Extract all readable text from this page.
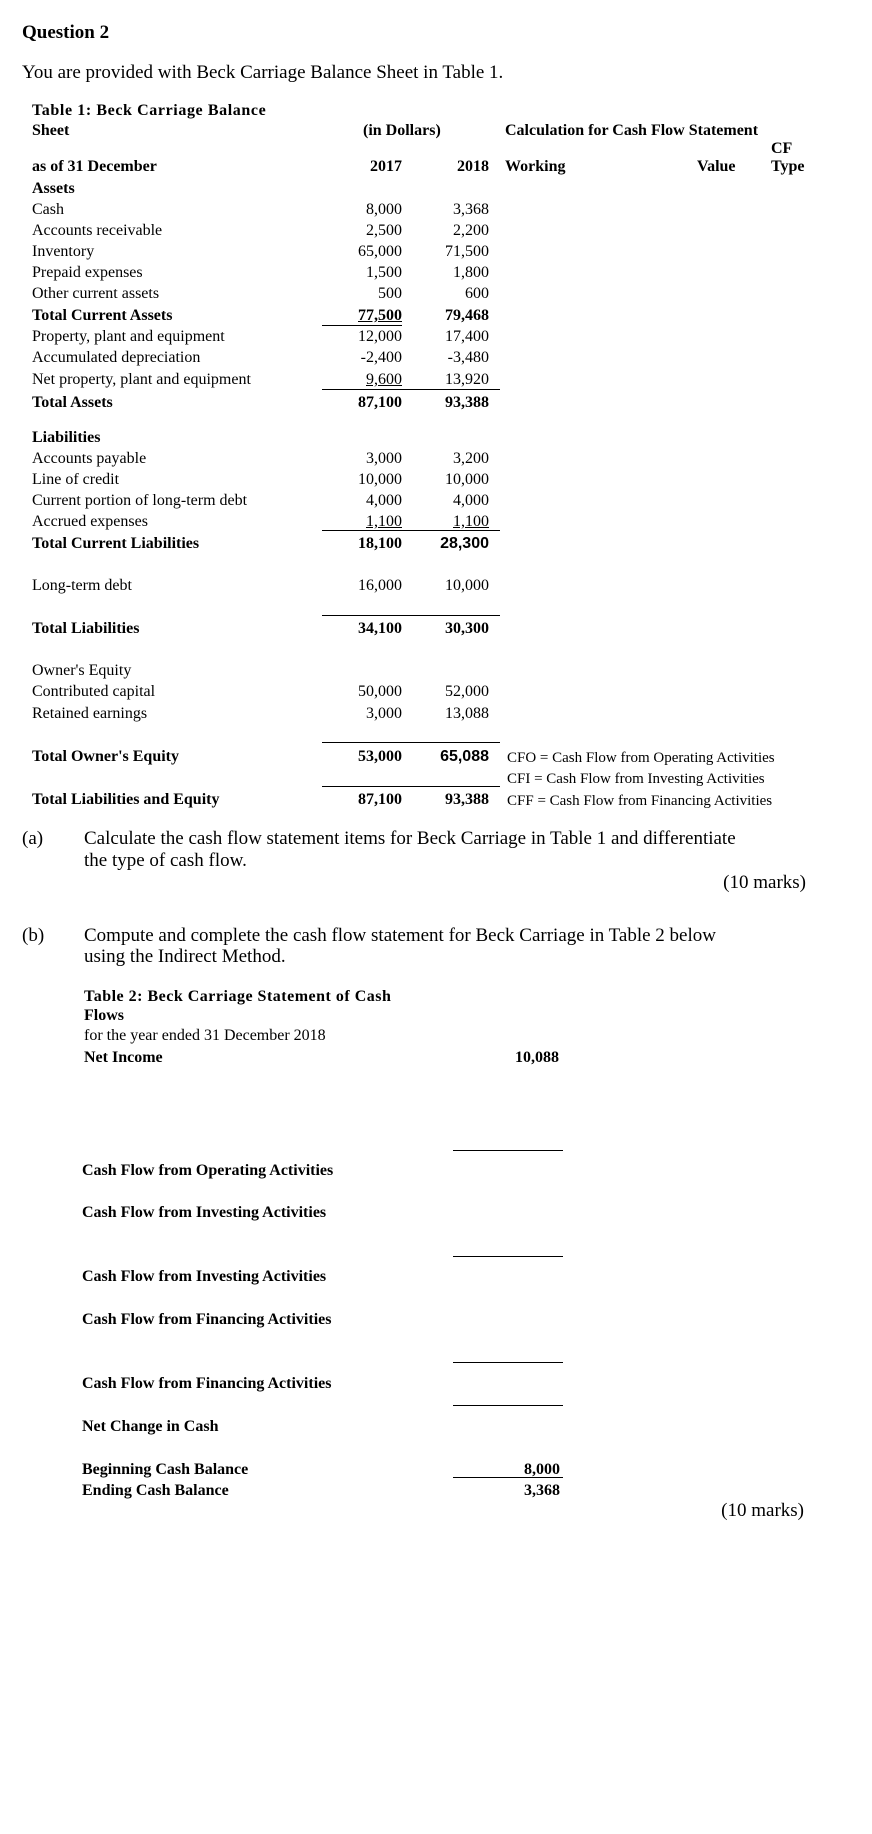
Question 2
You are provided with Beck Carriage Balance Sheet in Table 1.
Table 1: Beck Carriage Balance
Sheet	(in Dollars)	Calculation for Cash Flow Statement
CF
as of 31 December	2017	2018 Working	Value Type
Assets
Cash	8,000	3,368
Accounts receivable	2,500	2,200
Inventory	65,000	71,500
Prepaid expenses	1,500	1,800
Other current assets	500	600
Total Current Assets	77,500	79,468
Property, plant and equipment	12,000	17,400
Accumulated depreciation	-2,400	-3,480
Net property, plant and equipment	9,600	13,920
Total Assets	87,100	93,388
Liabilities
Accounts payable	3,000	3,200
Line of credit	10,000	10,000
Current portion of long-term debt	4,000	4,000
Accrued expenses	1,100	1,100
Total Current Liabilities	18,100 28,300
Long-term debt	16,000	10,000
Total Liabilities	34,100	30,300
Owner's Equity
Contributed capital	50,000	52,000
Retained earnings	3,000	13,088
Total Owner's Equity	53,000 65,088
Total Liabilities and Equity	87,100	93,388
CFO = Cash Flow from Operating Activities
CFI = Cash Flow from Investing Activities
CFF = Cash Flow from Financing Activities
(a) Calculate the cash flow statement items for Beck Carriage in Table 1 and differentiate
the type of cash flow.
(10 marks)
(b) Compute and complete the cash flow statement for Beck Carriage in Table 2 below
using the Indirect Method.
Table 2: Beck Carriage Statement of Cash
Flows
for the year ended 31 December 2018
Net Income	10,088
Cash Flow from Operating Activities
Cash Flow from Investing Activities
Cash Flow from Investing Activities
Cash Flow from Financing Activities
Cash Flow from Financing Activities
Net Change in Cash
Beginning Cash Balance	8,000
Ending Cash Balance	3,368
(10 marks)
